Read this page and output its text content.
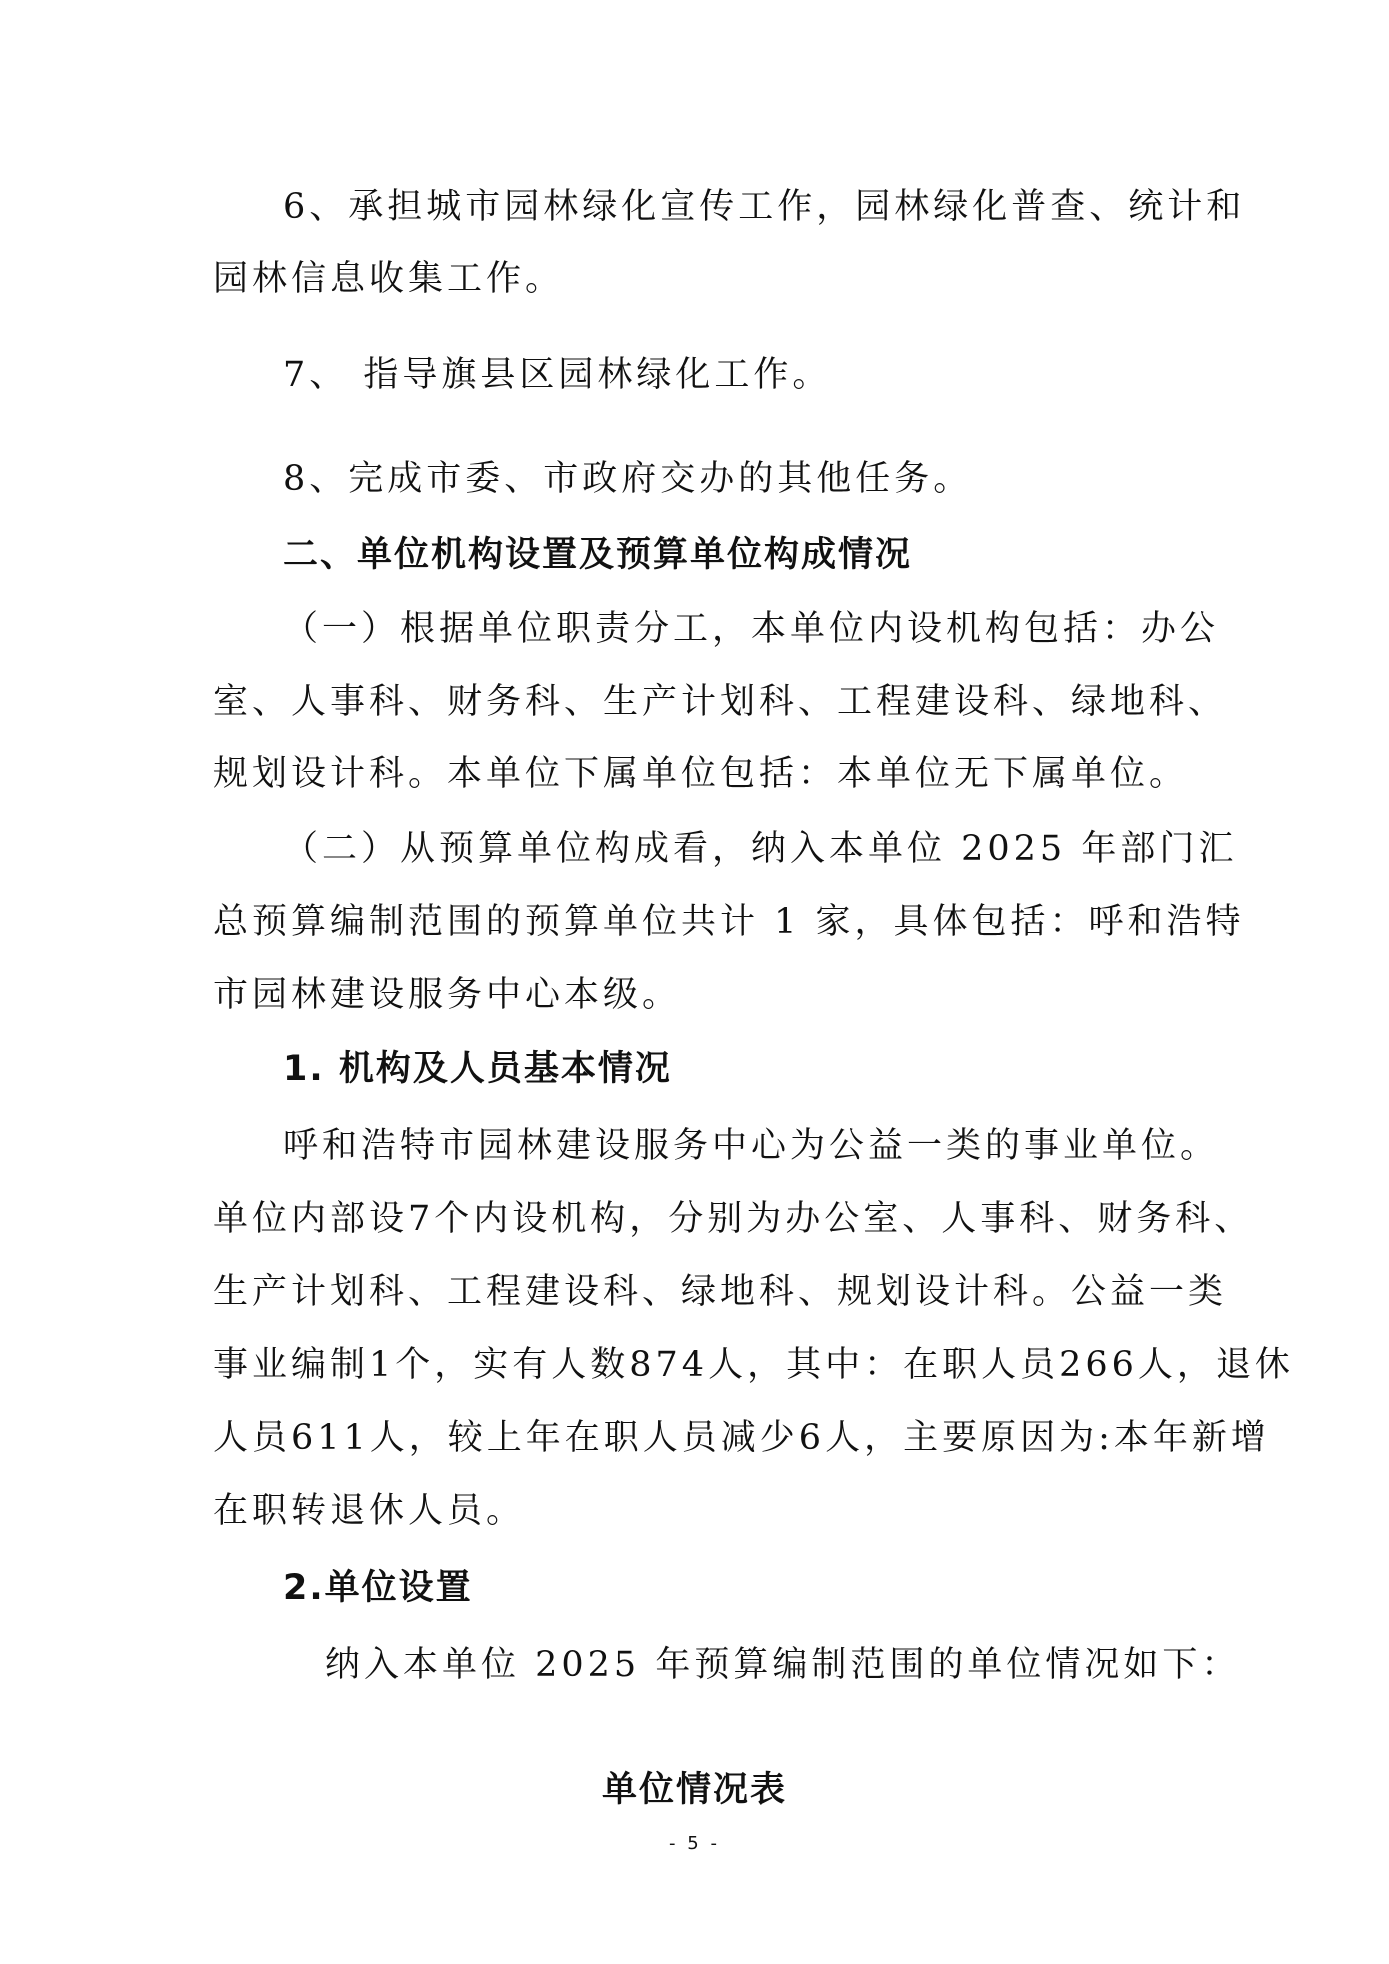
6、承担城市园林绿化宣传工作，园林绿化普查、统计和

园林信息收集工作。

7、 指导旗县区园林绿化工作。

8、完成市委、市政府交办的其他任务。

二、单位机构设置及预算单位构成情况

（一）根据单位职责分工，本单位内设机构包括：办公

室、人事科、财务科、生产计划科、工程建设科、绿地科、

规划设计科。本单位下属单位包括：本单位无下属单位。

（二）从预算单位构成看，纳入本单位 2025 年部门汇

总预算编制范围的预算单位共计 1 家，具体包括：呼和浩特

市园林建设服务中心本级。

1. 机构及人员基本情况

呼和浩特市园林建设服务中心为公益一类的事业单位。

单位内部设7个内设机构，分别为办公室、人事科、财务科、

生产计划科、工程建设科、绿地科、规划设计科。公益一类

事业编制1个，实有人数874人，其中：在职人员266人，退休

人员611人，较上年在职人员减少6人，主要原因为:本年新增

在职转退休人员。

2.单位设置

纳入本单位 2025 年预算编制范围的单位情况如下：

单位情况表
- 5 -
